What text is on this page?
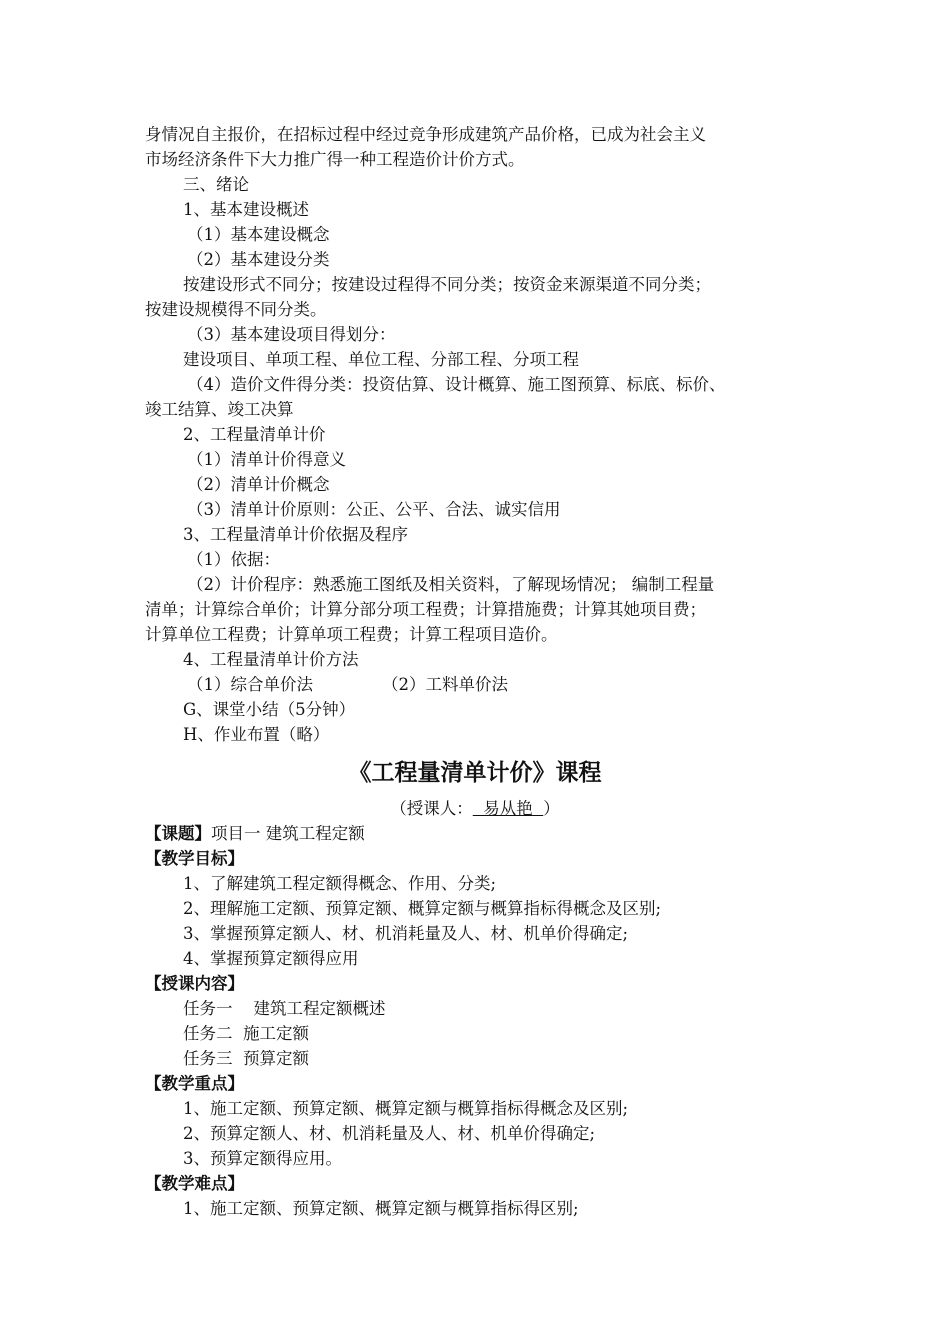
身情况自主报价，在招标过程中经过竞争形成建筑产品价格，已成为社会主义
市场经济条件下大力推广得一种工程造价计价方式。
三、绪论
1、基本建设概述
（1）基本建设概念
（2）基本建设分类
按建设形式不同分；按建设过程得不同分类；按资金来源渠道不同分类；
按建设规模得不同分类。
（3）基本建设项目得划分：
建设项目、单项工程、单位工程、分部工程、分项工程
（4）造价文件得分类：投资估算、设计概算、施工图预算、标底、标价、
竣工结算、竣工决算
2、工程量清单计价
（1）清单计价得意义
（2）清单计价概念
（3）清单计价原则：公正、公平、合法、诚实信用
3、工程量清单计价依据及程序
（1）依据：
（2）计价程序：熟悉施工图纸及相关资料，了解现场情况； 编制工程量
清单；计算综合单价；计算分部分项工程费；计算措施费；计算其她项目费；
计算单位工程费；计算单项工程费；计算工程项目造价。
4、工程量清单计价方法
（1）综合单价法	（2）工料单价法
G、课堂小结（5分钟）
H、作业布置（略）
《工程量清单计价》课程
（授课人：  易从艳  ）
【课题】项目一 建筑工程定额
【教学目标】
1、了解建筑工程定额得概念、作用、分类;
2、理解施工定额、预算定额、概算定额与概算指标得概念及区别;
3、掌握预算定额人、材、机消耗量及人、材、机单价得确定;
4、掌握预算定额得应用
【授课内容】
任务一    建筑工程定额概述
任务二  施工定额
任务三  预算定额
【教学重点】
1、施工定额、预算定额、概算定额与概算指标得概念及区别;
2、预算定额人、材、机消耗量及人、材、机单价得确定;
3、预算定额得应用。
【教学难点】
1、施工定额、预算定额、概算定额与概算指标得区别;
